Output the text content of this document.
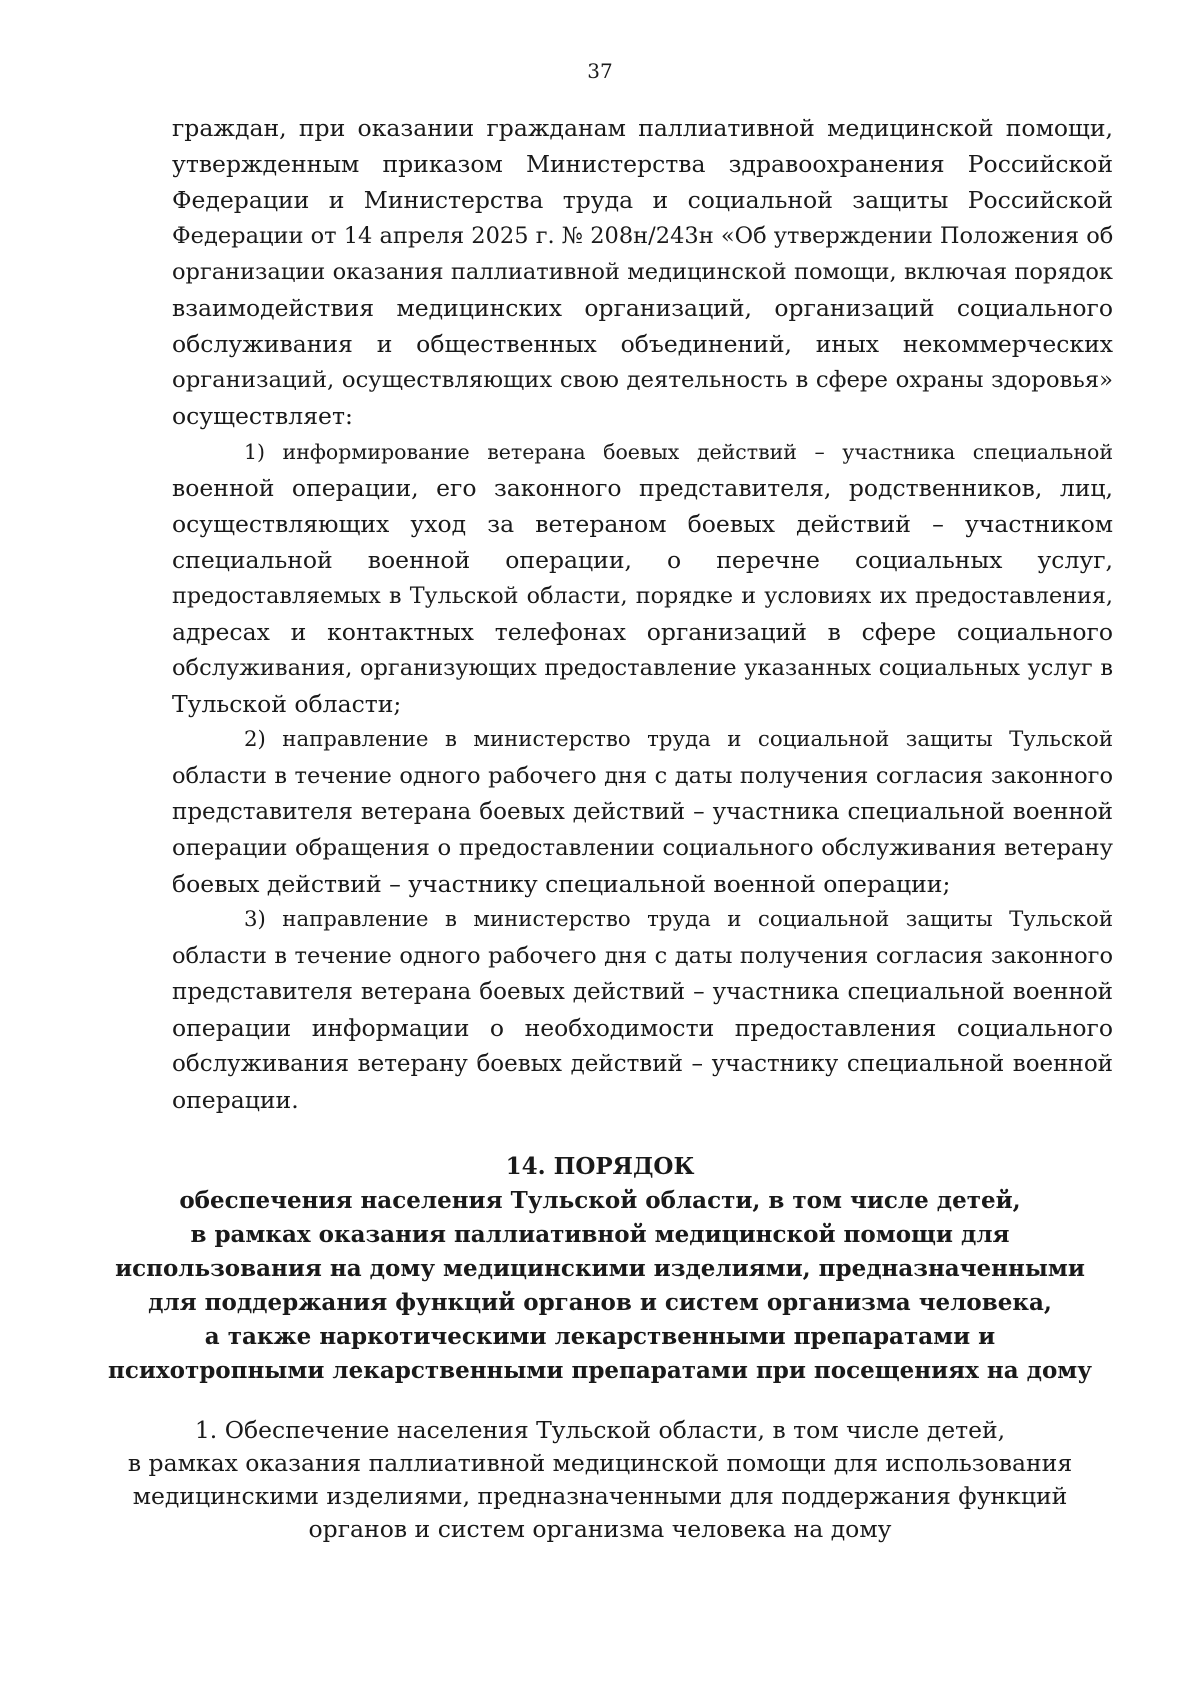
37
граждан, при оказании гражданам паллиативной медицинской помощи,
утвержденным приказом Министерства здравоохранения Российской
Федерации и Министерства труда и социальной защиты Российской
Федерации от 14 апреля 2025 г. № 208н/243н «Об утверждении Положения об
организации оказания паллиативной медицинской помощи, включая порядок
взаимодействия медицинских организаций, организаций социального
обслуживания и общественных объединений, иных некоммерческих
организаций, осуществляющих свою деятельность в сфере охраны здоровья»
осуществляет:
1) информирование ветерана боевых действий – участника специальной
военной операции, его законного представителя, родственников, лиц,
осуществляющих уход за ветераном боевых действий – участником
специальной военной операции, о перечне социальных услуг,
предоставляемых в Тульской области, порядке и условиях их предоставления,
адресах и контактных телефонах организаций в сфере социального
обслуживания, организующих предоставление указанных социальных услуг в
Тульской области;
2) направление в министерство труда и социальной защиты Тульской
области в течение одного рабочего дня с даты получения согласия законного
представителя ветерана боевых действий – участника специальной военной
операции обращения о предоставлении социального обслуживания ветерану
боевых действий – участнику специальной военной операции;
3) направление в министерство труда и социальной защиты Тульской
области в течение одного рабочего дня с даты получения согласия законного
представителя ветерана боевых действий – участника специальной военной
операции информации о необходимости предоставления социального
обслуживания ветерану боевых действий – участнику специальной военной
операции.
14. ПОРЯДОК
обеспечения населения Тульской области, в том числе детей,
в рамках оказания паллиативной медицинской помощи для
использования на дому медицинскими изделиями, предназначенными
для поддержания функций органов и систем организма человека,
а также наркотическими лекарственными препаратами и
психотропными лекарственными препаратами при посещениях на дому
1. Обеспечение населения Тульской области, в том числе детей,
в рамках оказания паллиативной медицинской помощи для использования
медицинскими изделиями, предназначенными для поддержания функций
органов и систем организма человека на дому
